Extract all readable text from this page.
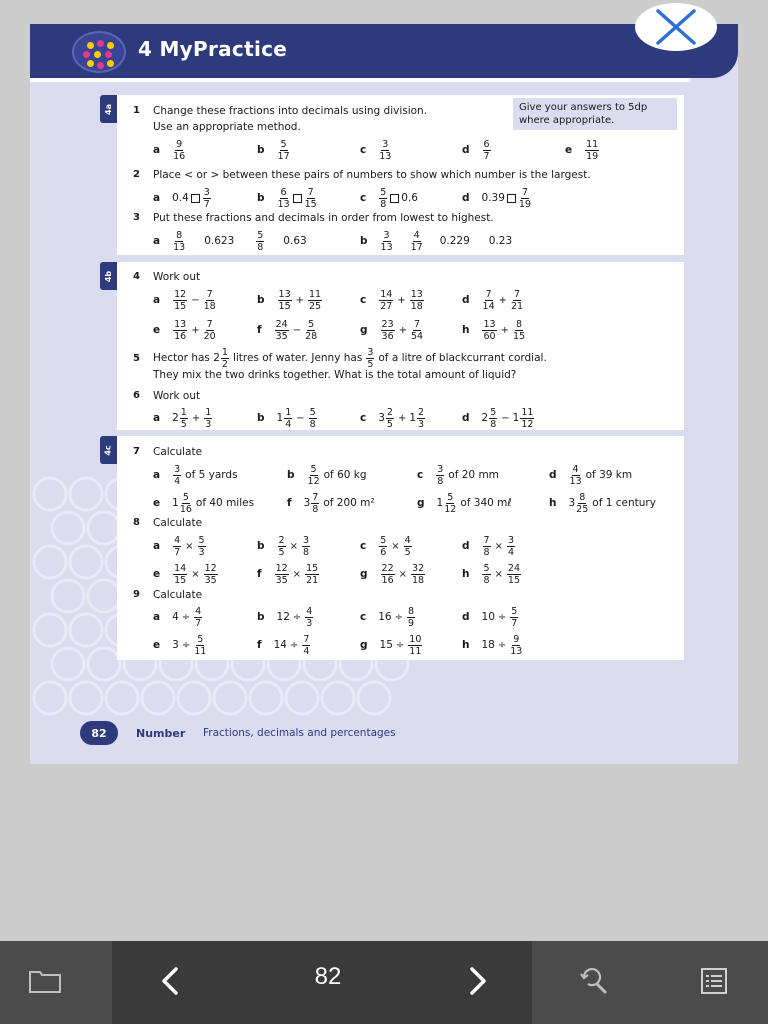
4 MyPractice
4a	Give your answers to 5dp
where appropriate.
1 Change these fractions into decimals using division.
Use an appropriate method.
a $\frac{9}{16}$	b $\frac{5}{17}$	c $\frac{3}{13}$	d $\frac{6}{7}$	e $\frac{11}{19}$
2 Place < or > between these pairs of numbers to show which number is the largest.
a $0.4 \frac{3}{7}$	b $\frac{6}{13} \frac{7}{15}$	c $\frac{5}{8} 0.6$	d $0.39 \frac{7}{19}$
3 Put these fractions and decimals in order from lowest to highest.
a $\frac{8}{13} 0.623 \frac{5}{8} 0.63$	b $\frac{3}{13} \frac{4}{17} 0.229$ 0.23
4b 4 Work out
a $\frac{12}{15} - \frac{7}{18}$	b $\frac{13}{15} + \frac{11}{25}$	c $\frac{14}{27} + \frac{13}{18}$	d $\frac{7}{14} + \frac{7}{21}$
e $\frac{13}{16} + \frac{7}{20}$	f $\frac{24}{35} - \frac{5}{28}$	g $\frac{23}{36} + \frac{7}{54}$	h $\frac{13}{60} + \frac{8}{15}$
5 Hector has $2 \frac{1}{2}$ litres of water. Jenny has $\frac{3}{5}$ of a litre of blackcurrant cordial.
They mix the two drinks together. What is the total amount of liquid?
6 Work out
a $2 \frac{1}{5} + \frac{1}{3}$	b $1 \frac{1}{4} - \frac{5}{8}$	c $3 \frac{2}{5} + 1 \frac{2}{3}$	d $2 \frac{5}{8} - 1 \frac{11}{12}$
4c 7 Calculate
a $\frac{3}{4}$ of 5 yards	b $\frac{5}{12}$ of 60 kg	c $\frac{3}{8}$ of 20 mm	d $\frac{4}{13}$ of 39 km
e $1 \frac{5}{16}$ of 40 miles	f $3 \frac{7}{8}$ of 200 m²	g $1 \frac{5}{12}$ of 340 mℓ	h $3 \frac{8}{25}$ of 1 century
8 Calculate
a $\frac{4}{7} \times \frac{5}{3}$	b $\frac{2}{5} \times \frac{3}{8}$	c $\frac{5}{6} \times \frac{4}{5}$	d $\frac{7}{8} \times \frac{3}{4}$
e $\frac{14}{15} \times \frac{12}{35}$	f $\frac{12}{35} \times \frac{15}{21}$	g $\frac{22}{16} \times \frac{32}{18}$	h $\frac{5}{8} \times \frac{24}{15}$
9 Calculate
a $4 \div \frac{4}{7}$	b $12 \div \frac{4}{3}$	c $16 \div \frac{8}{9}$	d $10 \div \frac{5}{7}$
e $3 \div \frac{5}{11}$	f $14 \div \frac{7}{4}$	g $15 \div \frac{10}{11}$	h $18 \div \frac{9}{13}$
82	Number Fractions, decimals and percentages
82
